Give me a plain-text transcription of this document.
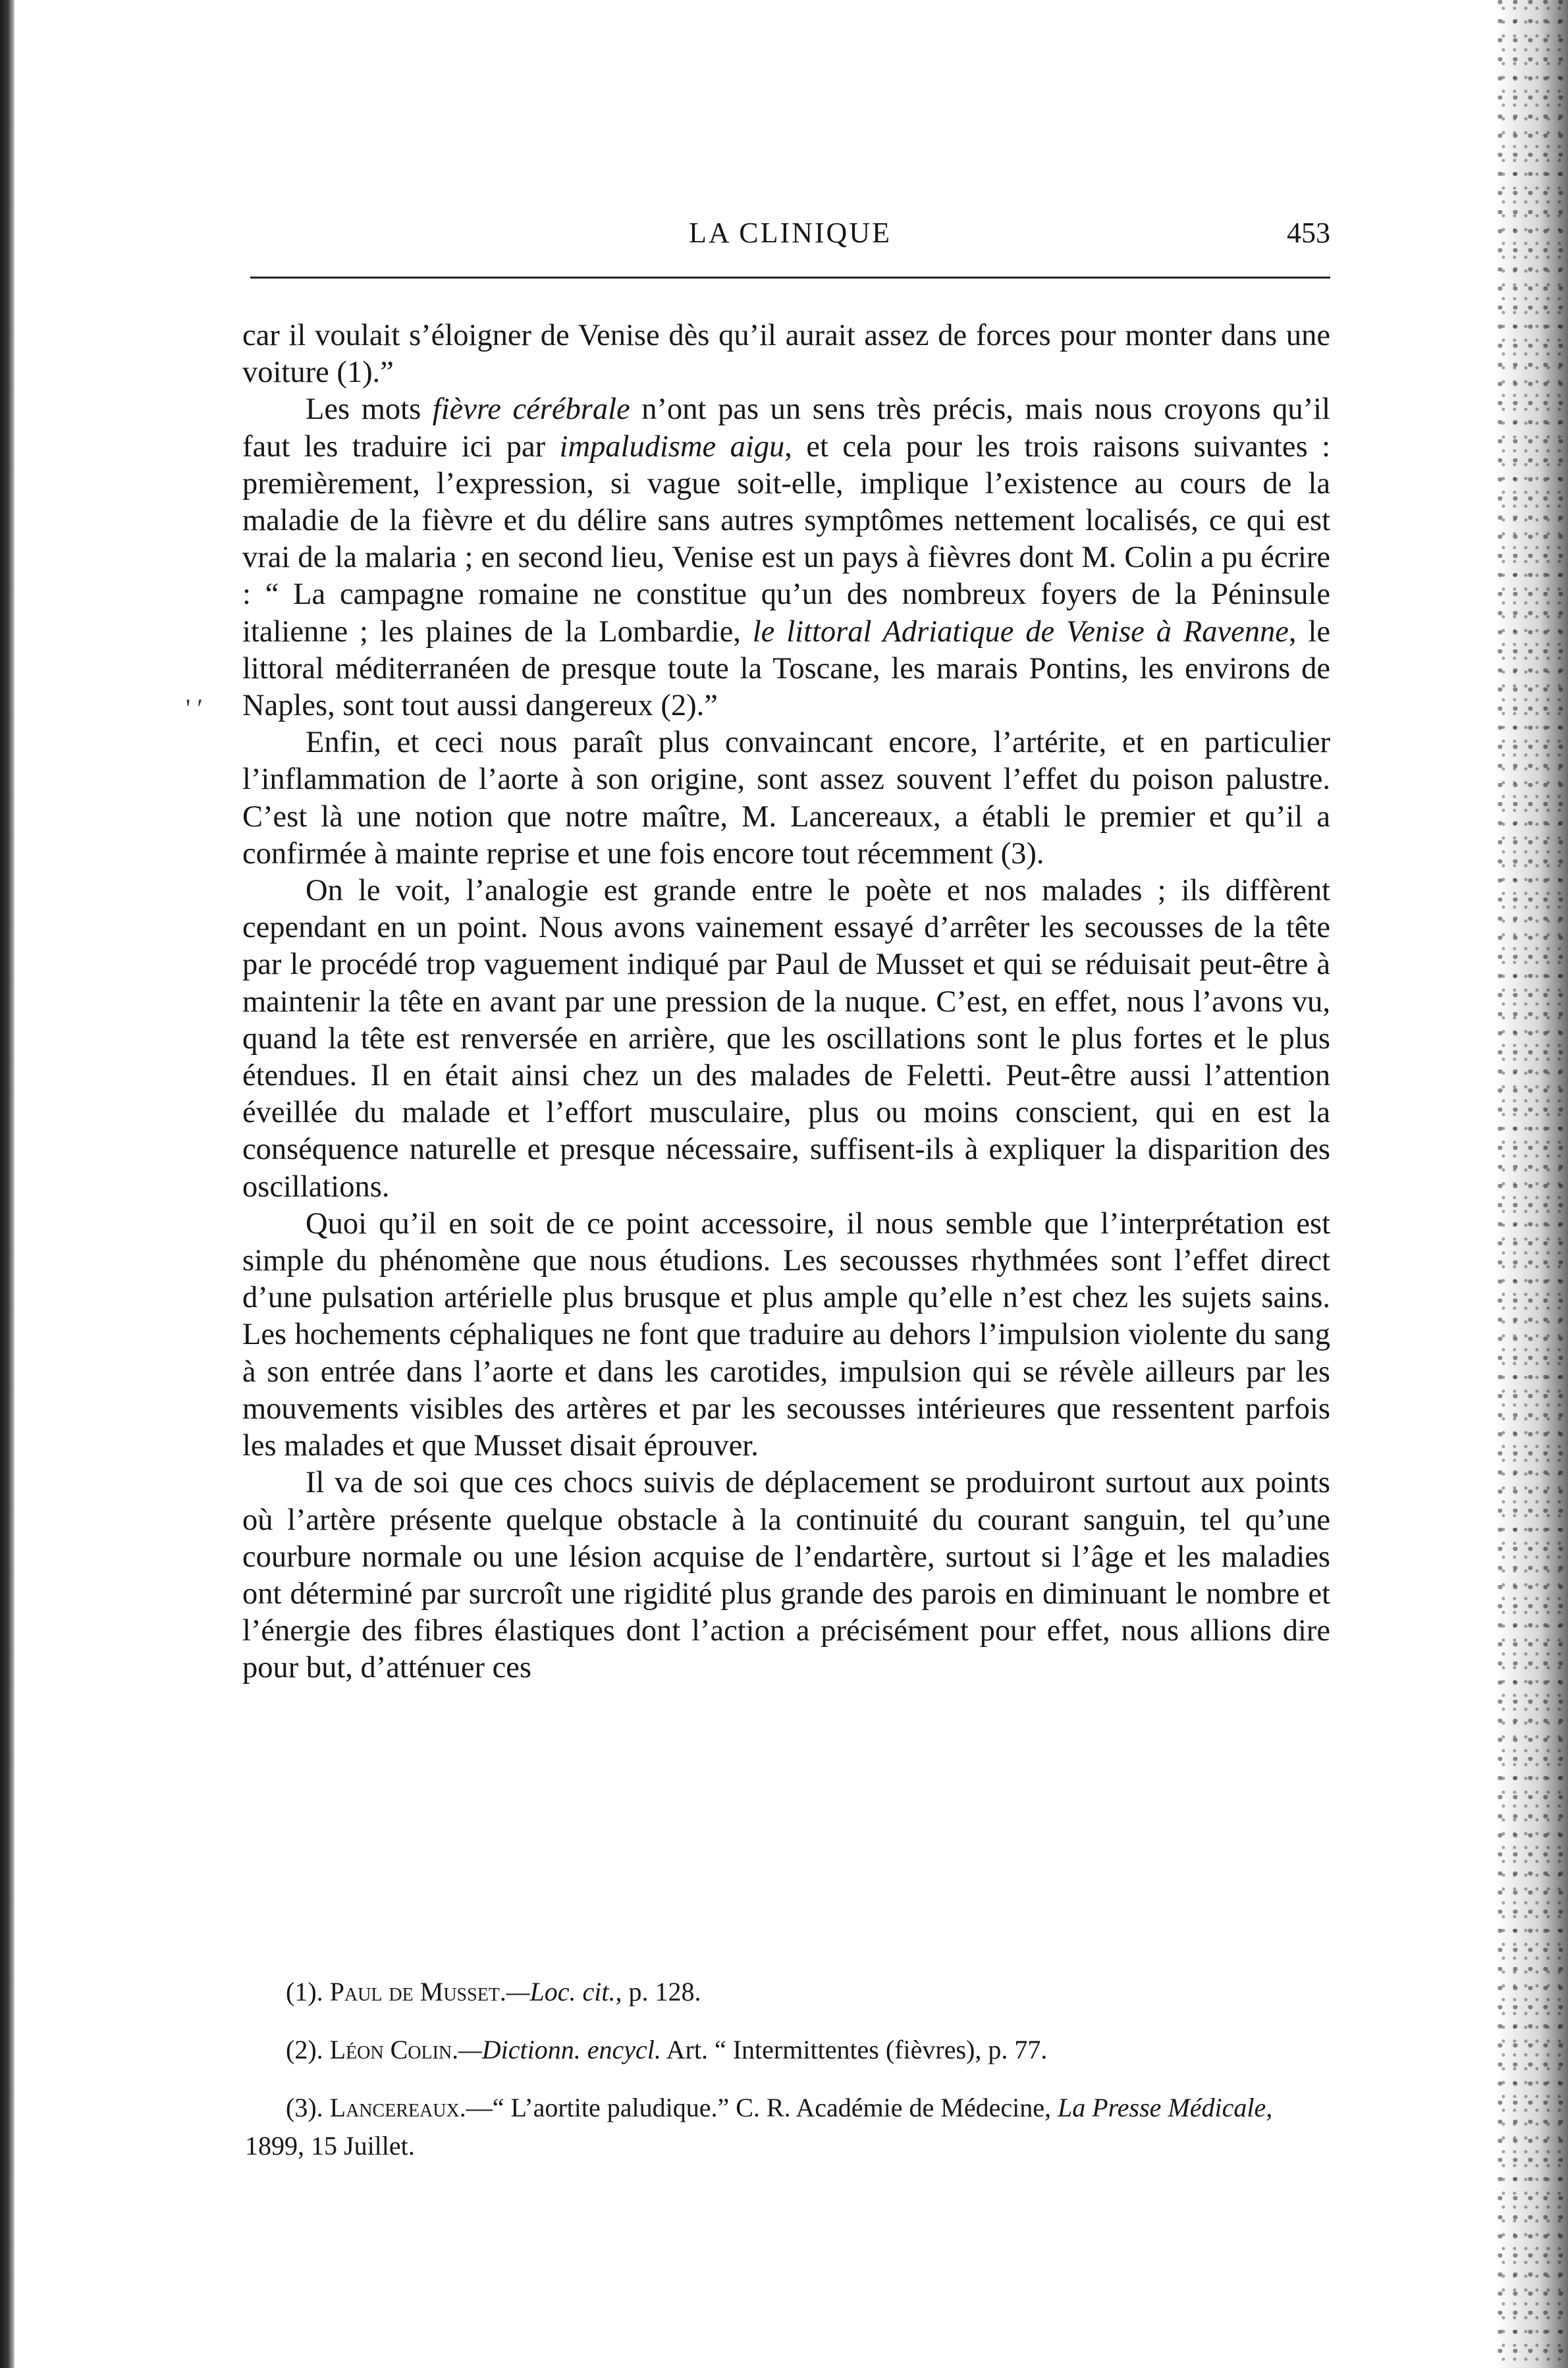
LA CLINIQUE	453
' ′

car il voulait s’éloigner de Venise dès qu’il aurait assez de forces pour monter dans une voiture (1).”

Les mots fièvre cérébrale n’ont pas un sens très précis, mais nous croyons qu’il faut les traduire ici par impaludisme aigu, et cela pour les trois raisons suivantes : premièrement, l’expression, si vague soit-elle, implique l’existence au cours de la maladie de la fièvre et du délire sans autres symptômes nettement localisés, ce qui est vrai de la malaria ; en second lieu, Venise est un pays à fièvres dont M. Colin a pu écrire : “ La campagne romaine ne constitue qu’un des nombreux foyers de la Péninsule italienne ; les plaines de la Lombardie, le littoral Adriatique de Venise à Ravenne, le littoral méditerranéen de presque toute la Toscane, les marais Pontins, les environs de Naples, sont tout aussi dangereux (2).”

Enfin, et ceci nous paraît plus convaincant encore, l’artérite, et en particulier l’inflammation de l’aorte à son origine, sont assez souvent l’effet du poison palustre. C’est là une notion que notre maître, M. Lancereaux, a établi le premier et qu’il a confirmée à mainte reprise et une fois encore tout récemment (3).

On le voit, l’analogie est grande entre le poète et nos malades ; ils diffèrent cependant en un point. Nous avons vainement essayé d’arrêter les secousses de la tête par le procédé trop vaguement indiqué par Paul de Musset et qui se réduisait peut-être à maintenir la tête en avant par une pression de la nuque. C’est, en effet, nous l’avons vu, quand la tête est renversée en arrière, que les oscillations sont le plus fortes et le plus étendues. Il en était ainsi chez un des malades de Feletti. Peut-être aussi l’attention éveillée du malade et l’effort musculaire, plus ou moins conscient, qui en est la conséquence naturelle et presque nécessaire, suffisent-ils à expliquer la disparition des oscillations.

Quoi qu’il en soit de ce point accessoire, il nous semble que l’interprétation est simple du phénomène que nous étudions. Les secousses rhythmées sont l’effet direct d’une pulsation artérielle plus brusque et plus ample qu’elle n’est chez les sujets sains. Les hochements céphaliques ne font que traduire au dehors l’impulsion violente du sang à son entrée dans l’aorte et dans les carotides, impulsion qui se révèle ailleurs par les mouvements visibles des artères et par les secousses intérieures que ressentent parfois les malades et que Musset disait éprouver.

Il va de soi que ces chocs suivis de déplacement se produiront surtout aux points où l’artère présente quelque obstacle à la continuité du courant sanguin, tel qu’une courbure normale ou une lésion acquise de l’endartère, surtout si l’âge et les maladies ont déterminé par surcroît une rigidité plus grande des parois en diminuant le nombre et l’énergie des fibres élastiques dont l’action a précisément pour effet, nous allions dire pour but, d’atténuer ces

(1). Paul de Musset.—Loc. cit., p. 128.

(2). Léon Colin.—Dictionn. encycl. Art. “ Intermittentes (fièvres), p. 77.

(3). Lancereaux.—“ L’aortite paludique.” C. R. Académie de Médecine, La Presse Médicale, 1899, 15 Juillet.
